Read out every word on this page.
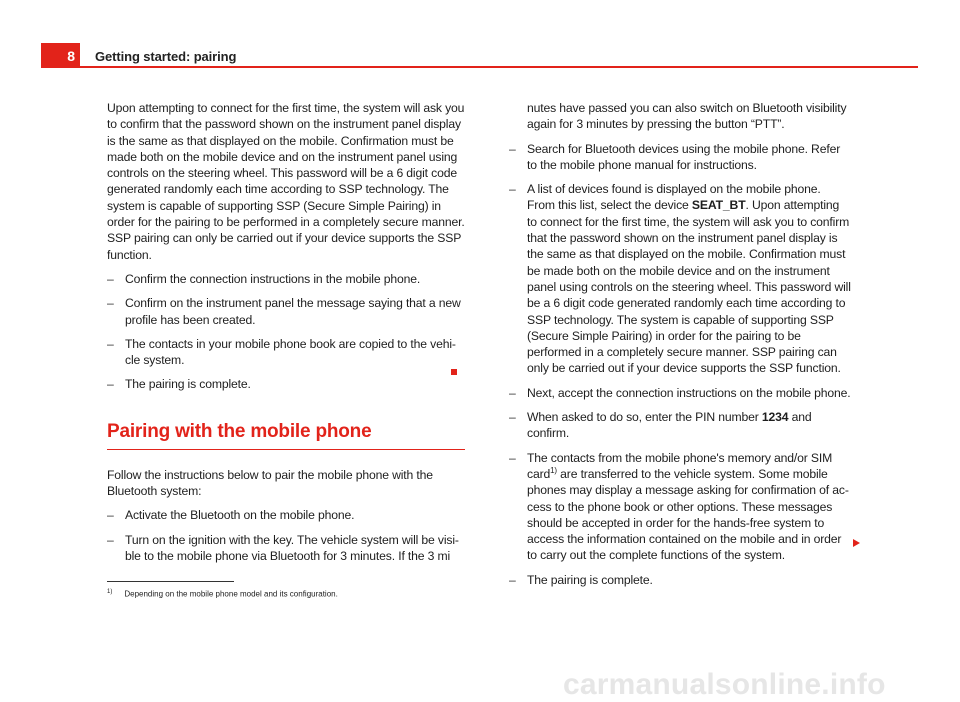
8	Getting started: pairing

Upon attempting to connect for the first time, the system will ask you to confirm that the password shown on the instrument panel display is the same as that displayed on the mobile. Confirmation must be made both on the mobile device and on the instrument panel using controls on the steering wheel. This password will be a 6 digit code generated randomly each time according to SSP technology. The system is capable of supporting SSP (Secure Simple Pairing) in order for the pairing to be performed in a completely secure manner. SSP pairing can only be carried out if your device supports the SSP function.

– Confirm the connection instructions in the mobile phone.

– Confirm on the instrument panel the message saying that a new profile has been created.

– The contacts in your mobile phone book are copied to the vehicle system.

– The pairing is complete.

Pairing with the mobile phone

Follow the instructions below to pair the mobile phone with the Bluetooth system:

– Activate the Bluetooth on the mobile phone.

– Turn on the ignition with the key. The vehicle system will be visible to the mobile phone via Bluetooth for 3 minutes. If the 3 mi

nutes have passed you can also switch on Bluetooth visibility again for 3 minutes by pressing the button “PTT”.

– Search for Bluetooth devices using the mobile phone. Refer to the mobile phone manual for instructions.

– A list of devices found is displayed on the mobile phone. From this list, select the device SEAT_BT. Upon attempting to connect for the first time, the system will ask you to confirm that the password shown on the instrument panel display is the same as that displayed on the mobile. Confirmation must be made both on the mobile device and on the instrument panel using controls on the steering wheel. This password will be a 6 digit code generated randomly each time according to SSP technology. The system is capable of supporting SSP (Secure Simple Pairing) in order for the pairing to be performed in a completely secure manner. SSP pairing can only be carried out if your device supports the SSP function.

– Next, accept the connection instructions on the mobile phone.

– When asked to do so, enter the PIN number 1234 and confirm.

– The contacts from the mobile phone's memory and/or SIM card$^{1)}$ are transferred to the vehicle system. Some mobile phones may display a message asking for confirmation of access to the phone book or other options. These messages should be accepted in order for the hands-free system to access the information contained on the mobile and in order to carry out the complete functions of the system.

– The pairing is complete.

$^{1)}$ Depending on the mobile phone model and its configuration.
carmanualsonline.info
